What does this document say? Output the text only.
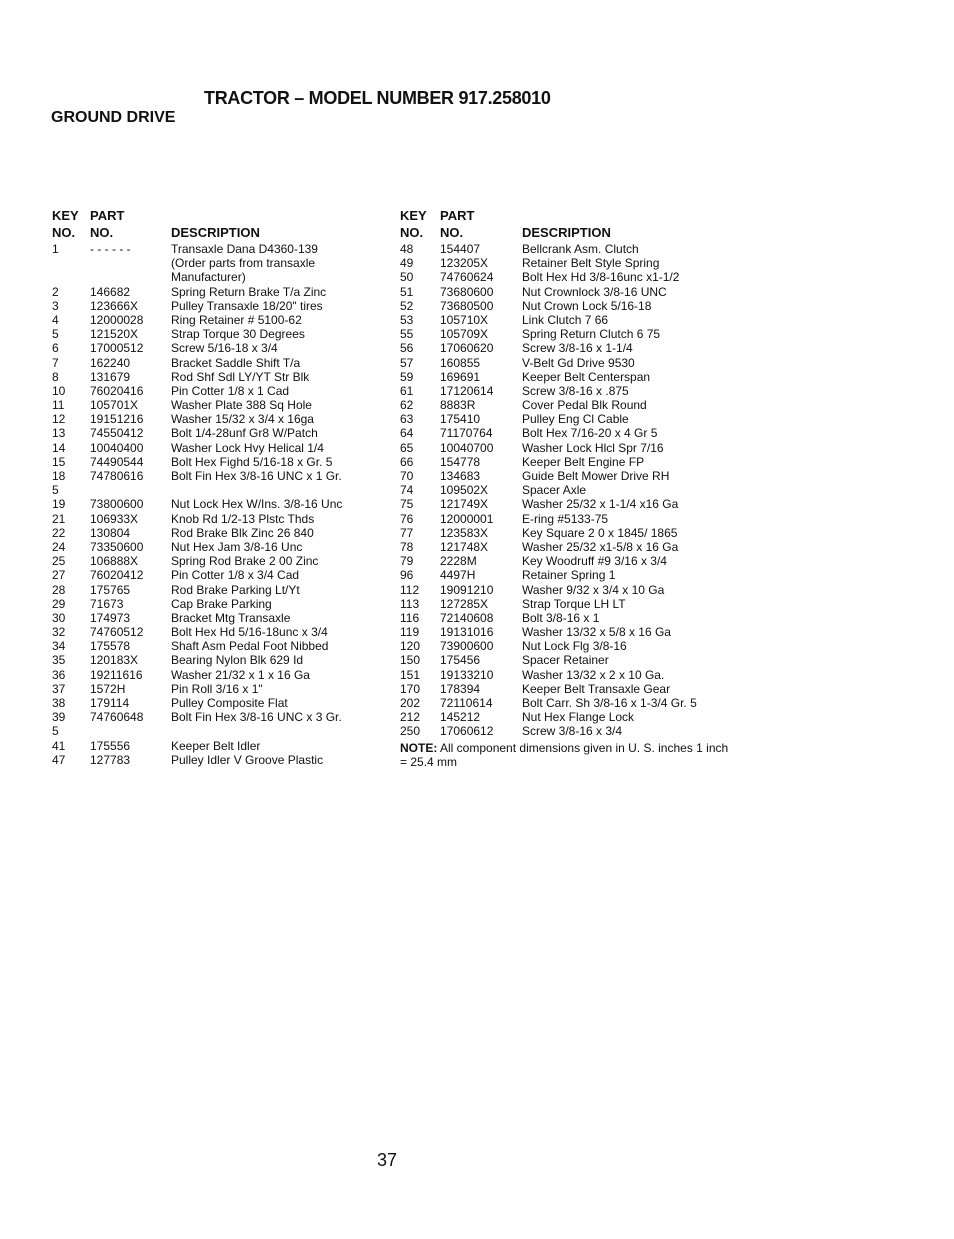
TRACTOR – MODEL NUMBER 917.258010
GROUND DRIVE
KEY
NO.
PART
NO.	DESCRIPTION
1	- - - - - -	Transaxle Dana D4360-139
(Order parts from transaxle
Manufacturer)
2	146682	Spring Return Brake T/a Zinc
3	123666X	Pulley Transaxle 18/20" tires
4	12000028 Ring Retainer # 5100-62
5	121520X	Strap Torque 30 Degrees
6	17000512 Screw 5/16-18 x 3/4
7	162240	Bracket Saddle Shift T/a
8	131679	Rod Shf Sdl LY/YT Str Blk
10 76020416 Pin Cotter 1/8 x 1 Cad
11 105701X	Washer Plate 388 Sq Hole
12 19151216 Washer 15/32 x 3/4 x 16ga
13 74550412 Bolt 1/4-28unf Gr8 W/Patch
14 10040400 Washer Lock Hvy Helical 1/4
15 74490544 Bolt Hex Fighd 5/16-18 x Gr. 5
18 74780616 Bolt Fin Hex 3/8-16 UNC x 1 Gr.
5
19 73800600 Nut Lock Hex W/Ins. 3/8-16 Unc
21 106933X	Knob Rd 1/2-13 Plstc Thds
22 130804	Rod Brake Blk Zinc 26 840
24 73350600 Nut Hex Jam 3/8-16 Unc
25 106888X	Spring Rod Brake 2 00 Zinc
27 76020412 Pin Cotter 1/8 x 3/4 Cad
28 175765	Rod Brake Parking Lt/Yt
29 71673	Cap Brake Parking
30 174973	Bracket Mtg Transaxle
32 74760512 Bolt Hex Hd 5/16-18unc x 3/4
34 175578	Shaft Asm Pedal Foot Nibbed
35 120183X	Bearing Nylon Blk 629 Id
36 19211616 Washer 21/32 x 1 x 16 Ga
37 1572H	Pin Roll 3/16 x 1"
38 179114	Pulley Composite Flat
39 74760648 Bolt Fin Hex 3/8-16 UNC x 3 Gr.
5
41 175556	Keeper Belt Idler
47 127783	Pulley Idler V Groove Plastic
KEY
NO.
PART
NO.	DESCRIPTION
48 154407	Bellcrank Asm. Clutch
49 123205X	Retainer Belt Style Spring
50 74760624 Bolt Hex Hd 3/8-16unc x1-1/2
51 73680600 Nut Crownlock 3/8-16 UNC
52 73680500 Nut Crown Lock 5/16-18
53 105710X	Link Clutch 7 66
55 105709X	Spring Return Clutch 6 75
56 17060620 Screw 3/8-16 x 1-1/4
57 160855	V-Belt Gd Drive 9530
59 169691	Keeper Belt Centerspan
61 17120614 Screw 3/8-16 x .875
62 8883R	Cover Pedal Blk Round
63 175410	Pulley Eng Cl Cable
64 71170764 Bolt Hex 7/16-20 x 4 Gr 5
65 10040700 Washer Lock Hlcl Spr 7/16
66 154778	Keeper Belt Engine FP
70 134683	Guide Belt Mower Drive RH
74 109502X	Spacer Axle
75 121749X	Washer 25/32 x 1-1/4 x16 Ga
76 12000001 E-ring #5133-75
77 123583X	Key Square 2 0 x 1845/ 1865
78 121748X	Washer 25/32 x1-5/8 x 16 Ga
79 2228M	Key Woodruff #9 3/16 x 3/4
96 4497H	Retainer Spring 1
112 19091210 Washer 9/32 x 3/4 x 10 Ga
113 127285X	Strap Torque LH LT
116 72140608 Bolt 3/8-16 x 1
119 19131016 Washer 13/32 x 5/8 x 16 Ga
120 73900600 Nut Lock Flg 3/8-16
150 175456	Spacer Retainer
151 19133210 Washer 13/32 x 2 x 10 Ga.
170 178394	Keeper Belt Transaxle Gear
202 72110614 Bolt Carr. Sh 3/8-16 x 1-3/4 Gr. 5
212 145212	Nut Hex Flange Lock
250 17060612 Screw 3/8-16 x 3/4
NOTE: All component dimensions given in U. S. inches 1 inch = 25.4 mm
37
